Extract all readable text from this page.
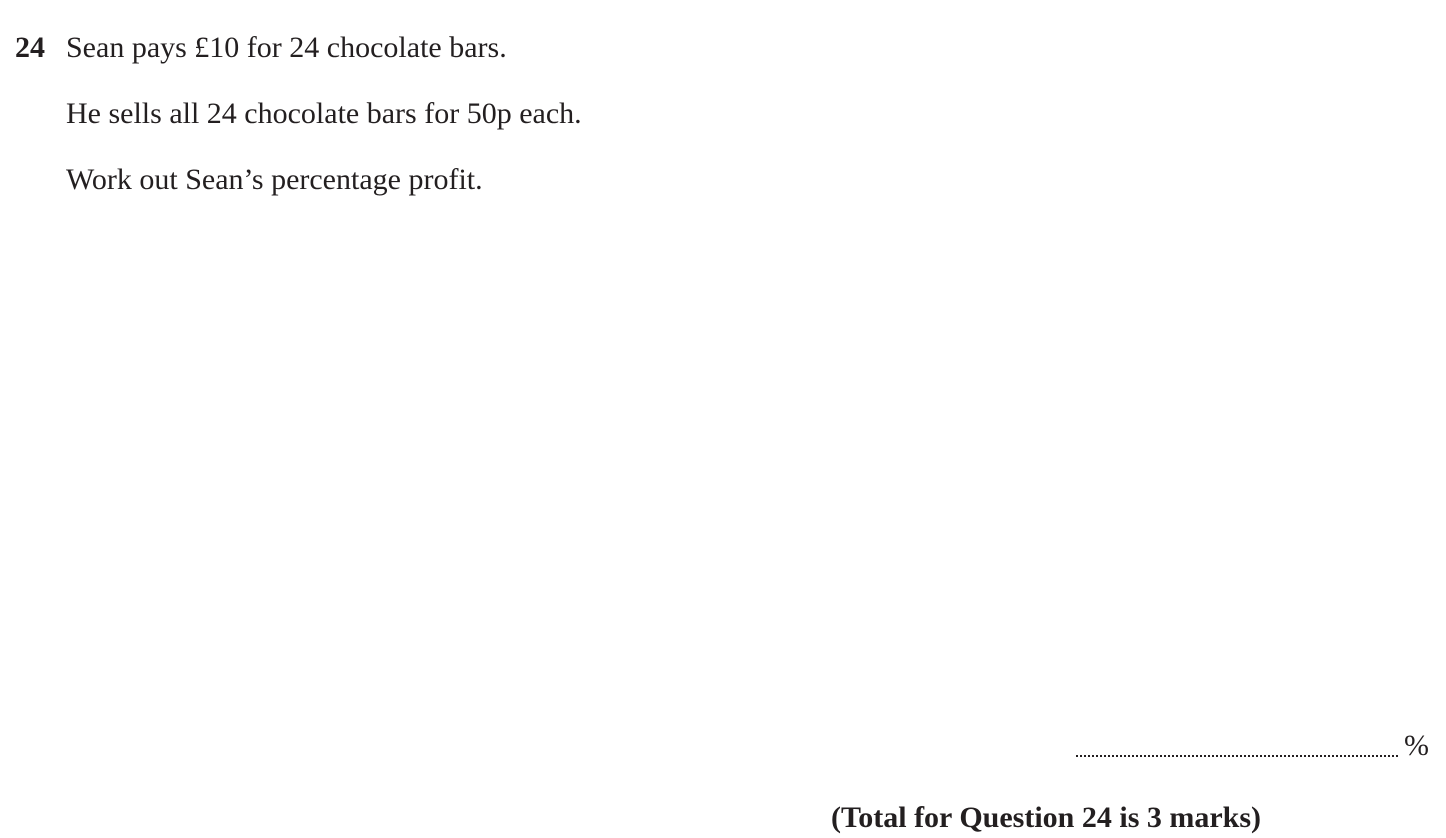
24 Sean pays £10 for 24 chocolate bars.
He sells all 24 chocolate bars for 50p each.
Work out Sean’s percentage profit.
%
(Total for Question 24 is 3 marks)
